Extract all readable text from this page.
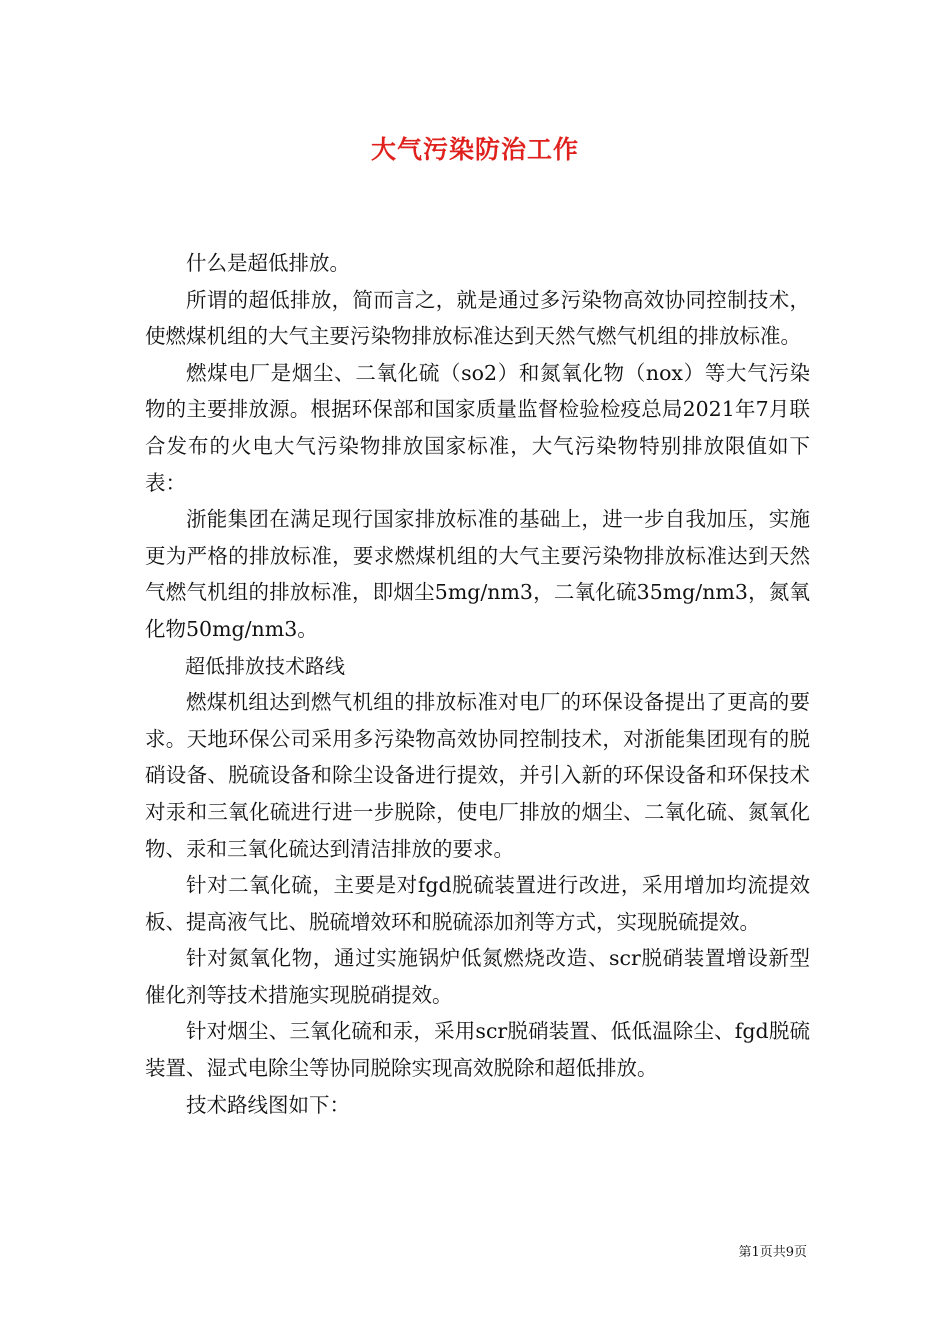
大气污染防治工作

什么是超低排放。

所谓的超低排放，简而言之，就是通过多污染物高效协同控制技术，使燃煤机组的大气主要污染物排放标准达到天然气燃气机组的排放标准。

燃煤电厂是烟尘、二氧化硫（so2）和氮氧化物（nox）等大气污染物的主要排放源。根据环保部和国家质量监督检验检疫总局2021年7月联合发布的火电大气污染物排放国家标准，大气污染物特别排放限值如下表：

浙能集团在满足现行国家排放标准的基础上，进一步自我加压，实施更为严格的排放标准，要求燃煤机组的大气主要污染物排放标准达到天然气燃气机组的排放标准，即烟尘5mg/nm3，二氧化硫35mg/nm3，氮氧化物50mg/nm3。

超低排放技术路线

燃煤机组达到燃气机组的排放标准对电厂的环保设备提出了更高的要求。天地环保公司采用多污染物高效协同控制技术，对浙能集团现有的脱硝设备、脱硫设备和除尘设备进行提效，并引入新的环保设备和环保技术对汞和三氧化硫进行进一步脱除，使电厂排放的烟尘、二氧化硫、氮氧化物、汞和三氧化硫达到清洁排放的要求。

针对二氧化硫，主要是对fgd脱硫装置进行改进，采用增加均流提效板、提高液气比、脱硫增效环和脱硫添加剂等方式，实现脱硫提效。

针对氮氧化物，通过实施锅炉低氮燃烧改造、scr脱硝装置增设新型催化剂等技术措施实现脱硝提效。

针对烟尘、三氧化硫和汞，采用scr脱硝装置、低低温除尘、fgd脱硫装置、湿式电除尘等协同脱除实现高效脱除和超低排放。

技术路线图如下：

第1页共9页
